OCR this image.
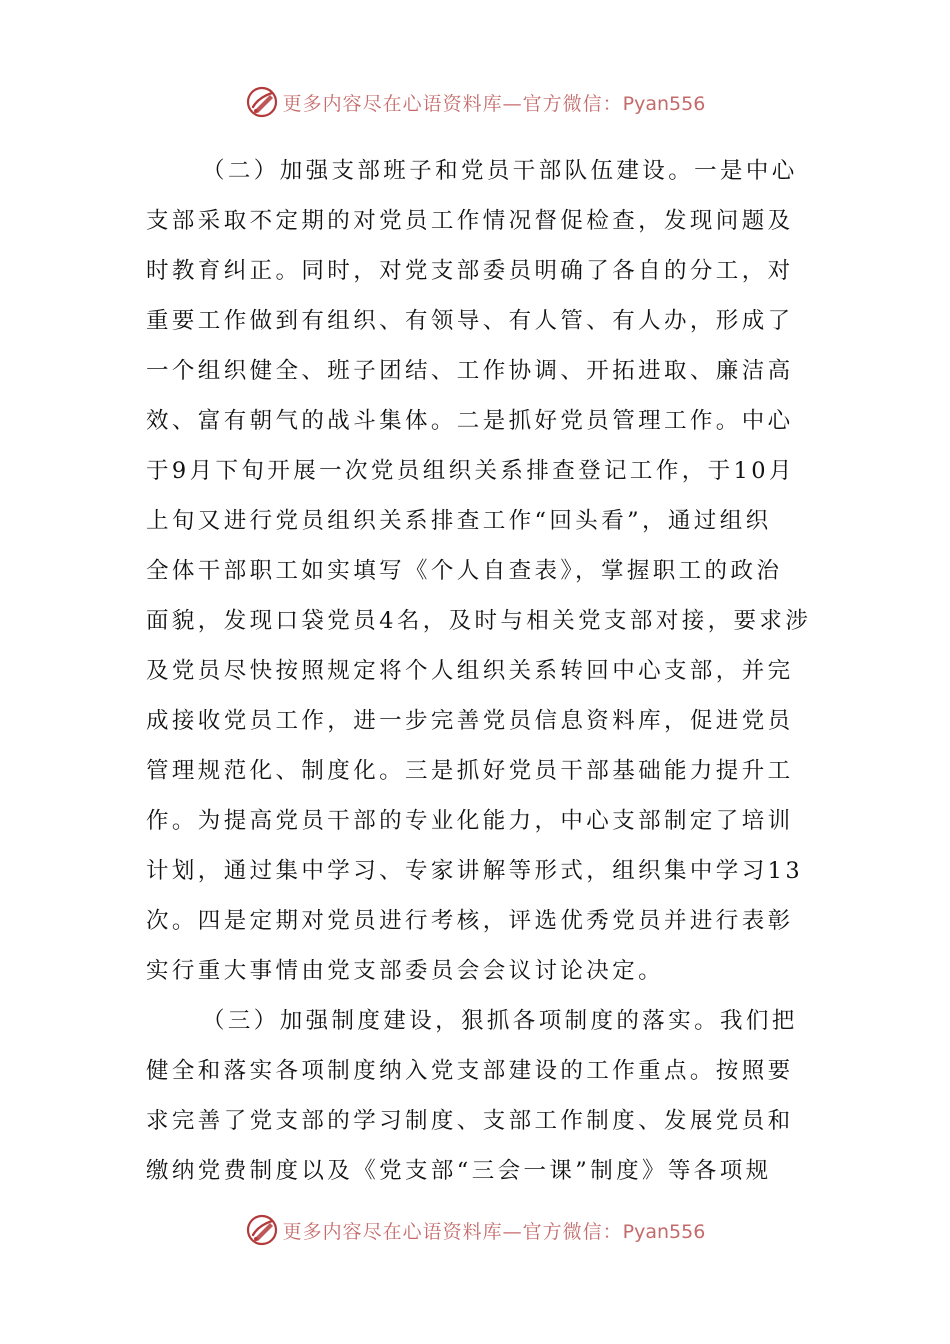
更多内容尽在心语资料库—官方微信：Pyan556
（二）加强支部班子和党员干部队伍建设。一是中心
支部采取不定期的对党员工作情况督促检查，发现问题及
时教育纠正。同时，对党支部委员明确了各自的分工，对
重要工作做到有组织、有领导、有人管、有人办，形成了
一个组织健全、班子团结、工作协调、开拓进取、廉洁高
效、富有朝气的战斗集体。二是抓好党员管理工作。中心
于9月下旬开展一次党员组织关系排查登记工作，于10月
上旬又进行党员组织关系排查工作“回头看”，通过组织
全体干部职工如实填写《个人自查表》，掌握职工的政治
面貌，发现口袋党员4名，及时与相关党支部对接，要求涉
及党员尽快按照规定将个人组织关系转回中心支部，并完
成接收党员工作，进一步完善党员信息资料库，促进党员
管理规范化、制度化。三是抓好党员干部基础能力提升工
作。为提高党员干部的专业化能力，中心支部制定了培训
计划，通过集中学习、专家讲解等形式，组织集中学习13
次。四是定期对党员进行考核，评选优秀党员并进行表彰
实行重大事情由党支部委员会会议讨论决定。
（三）加强制度建设，狠抓各项制度的落实。我们把
健全和落实各项制度纳入党支部建设的工作重点。按照要
求完善了党支部的学习制度、支部工作制度、发展党员和
缴纳党费制度以及《党支部“三会一课”制度》等各项规
更多内容尽在心语资料库—官方微信：Pyan556
